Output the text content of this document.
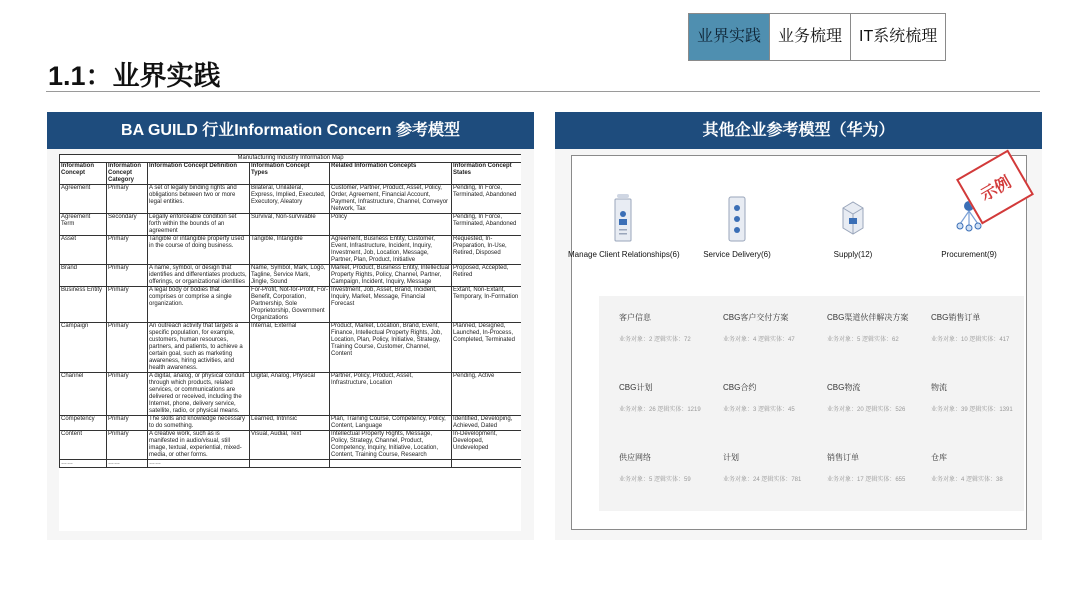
业界实践	业务梳理	IT系统梳理
1.1：业界实践
BA GUILD 行业Information Concern 参考模型
Manufacturing Industry Information Map					
Information Concept	Information Concept Category	Information Concept Definition	Information Concept Types	Related Information Concepts	Information Concept States
Agreement	Primary	A set of legally binding rights and obligations between two or more legal entities.	Bilateral, Unilateral, Express, Implied, Executed, Executory, Aleatory	Customer, Partner, Product, Asset, Policy, Order, Agreement, Financial Account, Payment, Infrastructure, Channel, Conveyor Network, Tax	Pending, In Force, Terminated, Abandoned
Agreement Term	Secondary	Legally enforceable condition set forth within the bounds of an agreement	Survival, Non-survivable	Policy	Pending, In Force, Terminated, Abandoned
Asset	Primary	Tangible or intangible property used in the course of doing business.	Tangible, Intangible	Agreement, Business Entity, Customer, Event, Infrastructure, Incident, Inquiry, Investment, Job, Location, Message, Partner, Plan, Product, Initiative	Requested, In-Preparation, In-Use, Retired, Disposed
Brand	Primary	A name, symbol, or design that identifies and differentiates products, offerings, or organizational identities	Name, Symbol, Mark, Logo, Tagline, Service Mark, Jingle, Sound	Market, Product, Business Entity, Intellectual Property Rights, Policy, Channel, Partner, Campaign, Incident, Inquiry, Message	Proposed, Accepted, Retired
Business Entity	Primary	A legal body or bodies that comprises or comprise a single organization.	For-Profit, Not-for-Profit, For-Benefit, Corporation, Partnership, Sole Proprietorship, Government Organizations	Investment, Job, Asset, Brand, Incident, Inquiry, Market, Message, Financial Forecast	Extant, Non-Extant, Temporary, In-Formation
Campaign	Primary	An outreach activity that targets a specific population, for example, customers, human resources, partners, and patients, to achieve a certain goal, such as marketing awareness, hiring activities, and health awareness.	Internal, External	Product, Market, Location, Brand, Event, Finance, Intellectual Property Rights, Job, Location, Plan, Policy, Initiative, Strategy, Training Course, Customer, Channel, Content	Planned, Designed, Launched, In-Process, Completed, Terminated
Channel	Primary	A digital, analog, or physical conduit through which products, related services, or communications are delivered or received, including the Internet, phone, delivery service, satellite, radio, or physical means.	Digital, Analog, Physical	Partner, Policy, Product, Asset, Infrastructure, Location	Pending, Active
Competency	Primary	The skills and knowledge necessary to do something.	Learned, Intrinsic	Plan, Training Course, Competency, Policy, Content, Language	Identified, Developing, Achieved, Dated
Content	Primary	A creative work, such as is manifested in audio/visual, still image, textual, experiential, mixed-media, or other forms.	Visual, Audial, Text	Intellectual Property Rights, Message, Policy, Strategy, Channel, Product, Competency, Inquiry, Initiative, Location, Content, Training Course, Research	In-Development, Developed, Undeveloped
……	……	……			
其他企业参考模型（华为）
Manage Client Relationships(6)	Service Delivery(6)	Supply(12)	Procurement(9)
客户信息
业务对象：2 逻辑实体：72
CBG客户交付方案
业务对象：4 逻辑实体：47
CBG渠道伙伴解决方案
业务对象：5 逻辑实体：62
CBG销售订单
业务对象：10 逻辑实体：417
CBG计划
业务对象：26 逻辑实体：1219
CBG合约
业务对象：3 逻辑实体：45
CBG物流
业务对象：20 逻辑实体：526
物流
业务对象：39 逻辑实体：1391
供应网络
业务对象：5 逻辑实体：59
计划
业务对象：24 逻辑实体：781
销售订单
业务对象：17 逻辑实体：655
仓库
业务对象：4 逻辑实体：38
示例
